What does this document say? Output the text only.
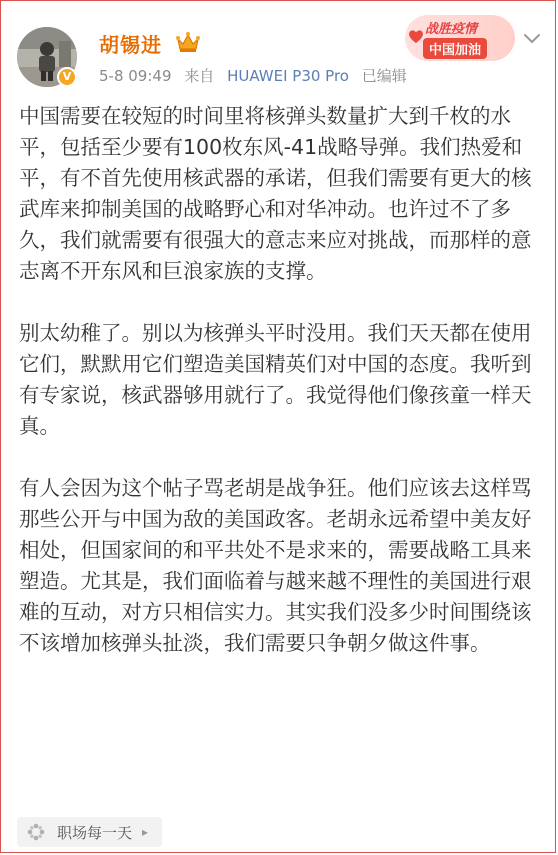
V
胡锡进
5-8 09:49 来自 HUAWEI P30 Pro 已编辑
战胜疫情
中国加油

中国需要在较短的时间里将核弹头数量扩大到千枚的水平，包括至少要有100枚东风-41战略导弹。我们热爱和平，有不首先使用核武器的承诺，但我们需要有更大的核武库来抑制美国的战略野心和对华冲动。也许过不了多久，我们就需要有很强大的意志来应对挑战，而那样的意志离不开东风和巨浪家族的支撑。

别太幼稚了。别以为核弹头平时没用。我们天天都在使用它们，默默用它们塑造美国精英们对中国的态度。我听到有专家说，核武器够用就行了。我觉得他们像孩童一样天真。

有人会因为这个帖子骂老胡是战争狂。他们应该去这样骂那些公开与中国为敌的美国政客。老胡永远希望中美友好相处，但国家间的和平共处不是求来的，需要战略工具来塑造。尤其是，我们面临着与越来越不理性的美国进行艰难的互动，对方只相信实力。其实我们没多少时间围绕该不该增加核弹头扯淡，我们需要只争朝夕做这件事。

职场每一天 ▸
